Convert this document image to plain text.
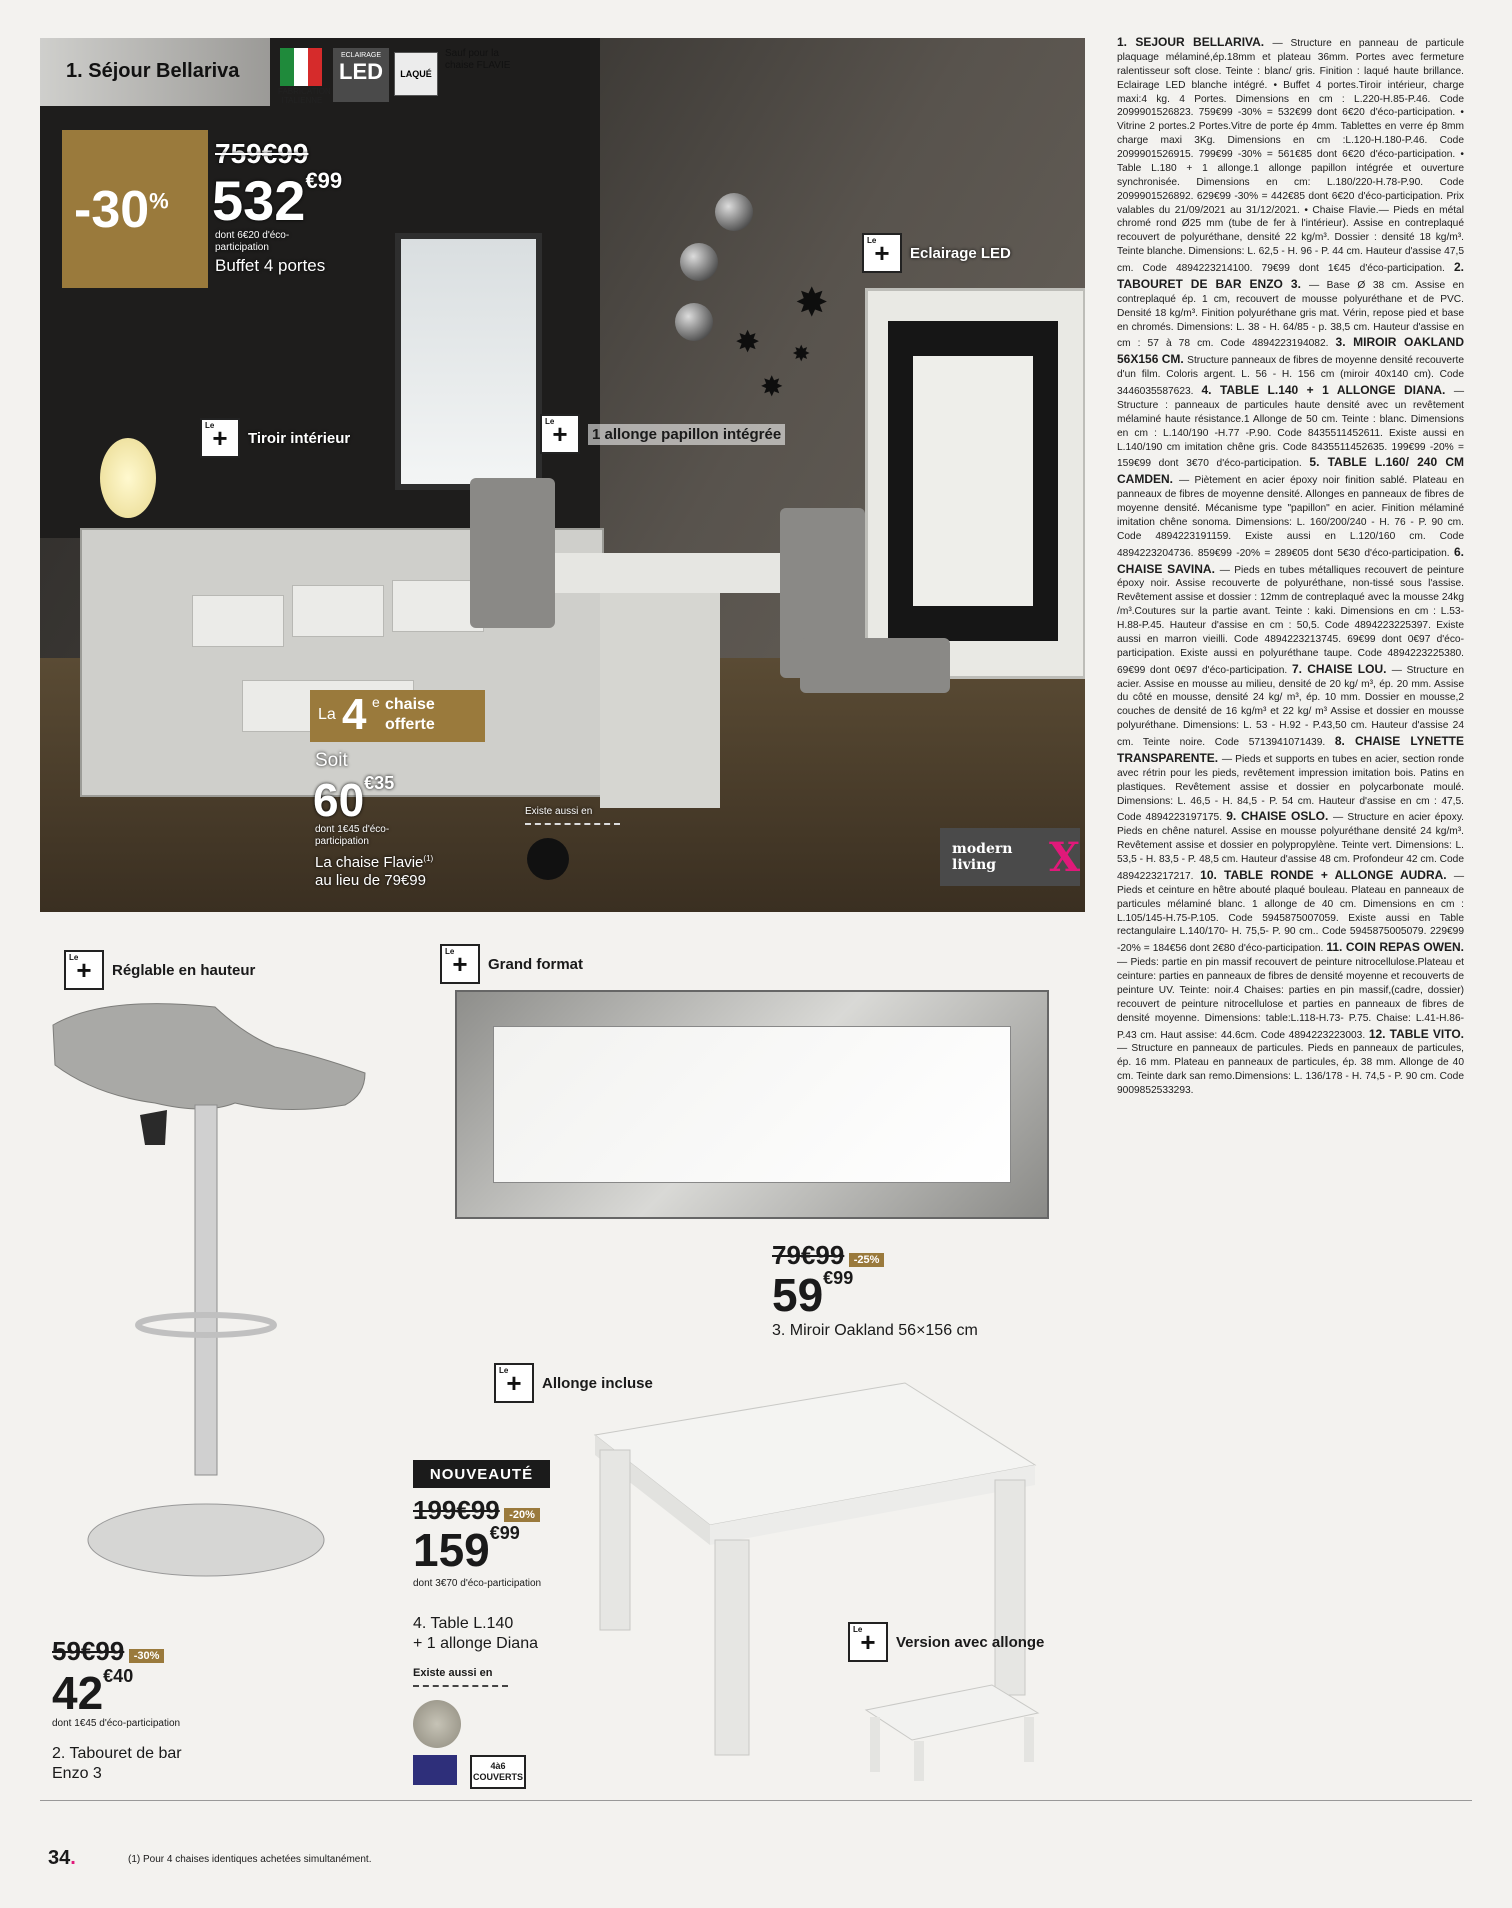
✸
✸
✸
✸
1. Séjour Bellariva
FABRICATION ITALIENNE
ECLAIRAGE
LED	LAQUÉ
Sauf pour la chaise FLAVIE
-30%
759€99
532€99
dont 6€20 d'éco-participation
Buffet 4 portes
Le
+	Eclairage LED
Le
+	Tiroir intérieur
Le
+	1 allonge papillon intégrée
La 4 e chaise
offerte
Soit
60€35
dont 1€45 d'éco-participation
La chaise Flavie$^{(1)}$
au lieu de 79€99
Existe aussi en
modern living	X
1. SEJOUR BELLARIVA. — Structure en panneau de particule plaquage mélaminé,ép.18mm et plateau 36mm. Portes avec fermeture ralentisseur soft close. Teinte : blanc/ gris. Finition : laqué haute brillance. Eclairage LED blanche intégré. • Buffet 4 portes.Tiroir intérieur, charge maxi:4 kg. 4 Portes. Dimensions en cm : L.220-H.85-P.46. Code 2099901526823. 759€99 -30% = 532€99 dont 6€20 d'éco-participation. • Vitrine 2 portes.2 Portes.Vitre de porte ép 4mm. Tablettes en verre ép 8mm charge maxi 3Kg. Dimensions en cm :L.120-H.180-P.46. Code 2099901526915. 799€99 -30% = 561€85 dont 6€20 d'éco-participation. • Table L.180 + 1 allonge.1 allonge papillon intégrée et ouverture synchronisée. Dimensions en cm: L.180/220-H.78-P.90. Code 2099901526892. 629€99 -30% = 442€85 dont 6€20 d'éco-participation. Prix valables du 21/09/2021 au 31/12/2021. • Chaise Flavie.— Pieds en métal chromé rond Ø25 mm (tube de fer à l'intérieur). Assise en contreplaqué recouvert de polyuréthane, densité 22 kg/m³. Dossier : densité 18 kg/m³. Teinte blanche. Dimensions: L. 62,5 - H. 96 - P. 44 cm. Hauteur d'assise 47,5 cm. Code 4894223214100. 79€99 dont 1€45 d'éco-participation. 2. TABOURET DE BAR ENZO 3. — Base Ø 38 cm. Assise en contreplaqué ép. 1 cm, recouvert de mousse polyuréthane et de PVC. Densité 18 kg/m³. Finition polyuréthane gris mat. Vérin, repose pied et base en chromés. Dimensions: L. 38 - H. 64/85 - p. 38,5 cm. Hauteur d'assise en cm : 57 à 78 cm. Code 4894223194082. 3. MIROIR OAKLAND 56X156 CM. Structure panneaux de fibres de moyenne densité recouverte d'un film. Coloris argent. L. 56 - H. 156 cm (miroir 40x140 cm). Code 3446035587623. 4. TABLE L.140 + 1 ALLONGE DIANA. — Structure : panneaux de particules haute densité avec un revêtement mélaminé haute résistance.1 Allonge de 50 cm. Teinte : blanc. Dimensions en cm : L.140/190 -H.77 -P.90. Code 8435511452611. Existe aussi en L.140/190 cm imitation chêne gris. Code 8435511452635. 199€99 -20% = 159€99 dont 3€70 d'éco-participation. 5. TABLE L.160/ 240 CM CAMDEN. — Piètement en acier époxy noir finition sablé. Plateau en panneaux de fibres de moyenne densité. Allonges en panneaux de fibres de moyenne densité. Mécanisme type "papillon" en acier. Finition mélaminé imitation chêne sonoma. Dimensions: L. 160/200/240 - H. 76 - P. 90 cm. Code 4894223191159. Existe aussi en L.120/160 cm. Code 4894223204736. 859€99 -20% = 289€05 dont 5€30 d'éco-participation. 6. CHAISE SAVINA. — Pieds en tubes métalliques recouvert de peinture époxy noir. Assise recouverte de polyuréthane, non-tissé sous l'assise. Revêtement assise et dossier : 12mm de contreplaqué avec la mousse 24kg /m³.Coutures sur la partie avant. Teinte : kaki. Dimensions en cm : L.53-H.88-P.45. Hauteur d'assise en cm : 50,5. Code 4894223225397. Existe aussi en marron vieilli. Code 4894223213745. 69€99 dont 0€97 d'éco-participation. Existe aussi en polyuréthane taupe. Code 4894223225380. 69€99 dont 0€97 d'éco-participation. 7. CHAISE LOU. — Structure en acier. Assise en mousse au milieu, densité de 20 kg/ m³, ép. 20 mm. Assise du côté en mousse, densité 24 kg/ m³, ép. 10 mm. Dossier en mousse,2 couches de densité de 16 kg/m³ et 22 kg/ m³ Assise et dossier en mousse polyuréthane. Dimensions: L. 53 - H.92 - P.43,50 cm. Hauteur d'assise 24 cm. Teinte noire. Code 5713941071439. 8. CHAISE LYNETTE TRANSPARENTE. — Pieds et supports en tubes en acier, section ronde avec rétrin pour les pieds, revêtement impression imitation bois. Patins en plastiques. Revêtement assise et dossier en polycarbonate moulé. Dimensions: L. 46,5 - H. 84,5 - P. 54 cm. Hauteur d'assise en cm : 47,5. Code 4894223197175. 9. CHAISE OSLO. — Structure en acier époxy. Pieds en chêne naturel. Assise en mousse polyuréthane densité 24 kg/m³. Revêtement assise et dossier en polypropylène. Teinte vert. Dimensions: L. 53,5 - H. 83,5 - P. 48,5 cm. Hauteur d'assise 48 cm. Profondeur 42 cm. Code 4894223217217. 10. TABLE RONDE + ALLONGE AUDRA. — Pieds et ceinture en hêtre abouté plaqué bouleau. Plateau en panneaux de particules mélaminé blanc. 1 allonge de 40 cm. Dimensions en cm : L.105/145-H.75-P.105. Code 5945875007059. Existe aussi en Table rectangulaire L.140/170- H. 75,5- P. 90 cm.. Code 5945875005079. 229€99 -20% = 184€56 dont 2€80 d'éco-participation. 11. COIN REPAS OWEN. — Pieds: partie en pin massif recouvert de peinture nitrocellulose.Plateau et ceinture: parties en panneaux de fibres de densité moyenne et recouverts de peinture UV. Teinte: noir.4 Chaises: parties en pin massif,(cadre, dossier) recouvert de peinture nitrocellulose et parties en panneaux de fibres de densité moyenne. Dimensions: table:L.118-H.73- P.75. Chaise: L.41-H.86-P.43 cm. Haut assise: 44.6cm. Code 4894223223003. 12. TABLE VITO. — Structure en panneaux de particules. Pieds en panneaux de particules, ép. 16 mm. Plateau en panneaux de particules, ép. 38 mm. Allonge de 40 cm. Teinte dark san remo.Dimensions: L. 136/178 - H. 74,5 - P. 90 cm. Code 9009852533293.
Le
+	Réglable en hauteur
59€99 -30%
42€40
dont 1€45 d'éco-participation
2. Tabouret de bar
Enzo 3
Le
+	Grand format
79€99 -25%
59€99
3. Miroir Oakland 56×156 cm
Le
+	Allonge incluse
NOUVEAUTÉ
199€99 -20%
159€99
dont 3€70 d'éco-participation
4. Table L.140
+ 1 allonge Diana
Existe aussi en
4à6 COUVERTS
Le
+	Version avec allonge
34.	(1) Pour 4 chaises identiques achetées simultanément.
